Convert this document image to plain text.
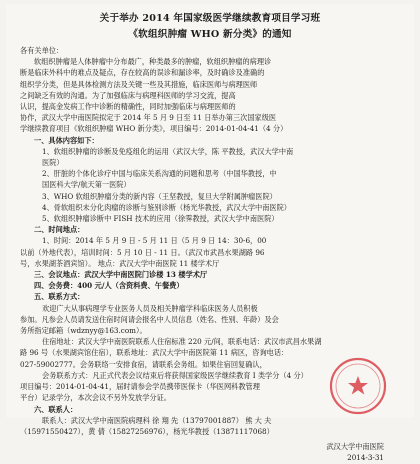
关于举办 2014 年国家级医学继续教育项目学习班
《软组织肿瘤 WHO 新分类》的通知
各有关单位：
软组织肿瘤是人体肿瘤中分布最广，种类最多的肿瘤，软组织肿瘤的病理诊
断是临床外科中的难点及疑点，存在较高的误诊和漏诊率，及时确诊及准确的
组织学分类，但是具体检测方法及关键一些及其措施，临床医师与病理医师
之间缺乏有效的沟通。为了加强临床与病理科医师的学习交流，提高
认识，提高金发病工作中诊断的精确性，同时加强临床与病理医师的
协作，武汉大学中南医院拟定于 2014 年 5 月 9 日至 11 日举办第三次国家级医
学继续教育项目《软组织肿瘤 WHO 新分类》，项目编号：2014-01-04-41（4 分）
一、具体内容如下：
1、软组织肿瘤的诊断及免疫组化的运用（武汉大学，陈 平教授，武汉大学中南
医院）
2、肝脏的个体化诊疗中国与临床关系沟通的问题和思考（中国华教授，中
国医科大学/航天第一医院）
3、WHO 软组织肿瘤分类的新内容（王坚教授，复旦大学附属肿瘤医院）
4、骨软组织未分化肉瘤的诊断与鉴别诊断（杨光华教授，武汉大学中南医院）
5、软组织肿瘤诊断中 FISH 技术的应用（徐霁教授，武汉大学中南医院）
二、时间地点：
1、时间：2014 年 5 月 9 日 - 5 月 11 日（5 月 9 日 14：30-6，00
以前（外地代表），培训时间：5 月 10 日 - 11 日。（武汉市武昌水果湖路 96
号，水果湖茶酒宾馆）。 地点：武汉大学中南医院 11 楼学术厅
三、会议地点：武汉大学中南医院门诊楼 13 楼学术厅
四、会务费：400 元/人（含资料费、午餐费）
五、联系方式：
欢迎广大从事病理学专业医务人员及相关肿瘤学科临床医务人员积极
参加。凡参会人员请发送住宿时间请会报名中人员信息（姓名、性别、年龄）及会
务所指定邮箱（wdznyy@163.com）。
住宿地址：武汉大学中南医院联系人住宿标准 220 元/间，联系电话：武汉市武昌水果湖
路 96 号（水果湖宾馆住宿），联系地址：武汉大学中南医院第 11 病区，咨询电话：
027-59002777。会务联络一安排食宿，请联系会务组。如果住宿回复确认，
会务联系方式：凡正式代表会议结束后将获得国家级医学继续教育 I 类学分（4 分）
项目编号：2014-01-04-41，届时请参会学员携带医保卡（华医网科教管理
平台）记录学分，本次会议不另外发放学分证。
六、联系人：
联系人：武汉大学中南医院病理科 徐 翔 先（13797001887） 熊 大 夫
（15971550427），黄 倩（15827256976），杨光华教授（13871117068）
武汉大学中南医院
2014-3-31
